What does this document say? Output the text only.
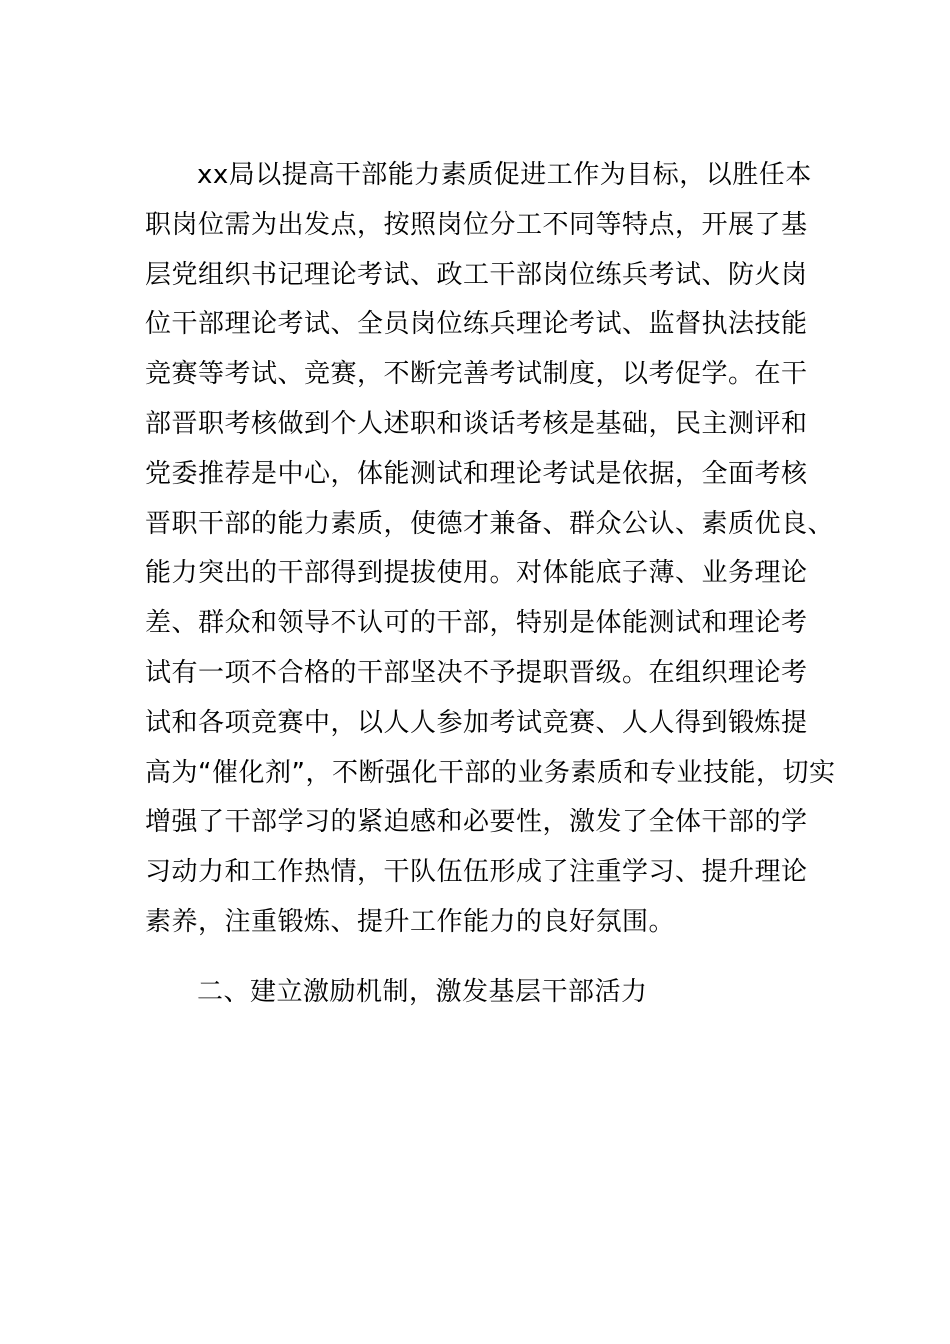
xx局以提高干部能力素质促进工作为目标，以胜任本
职岗位需为出发点，按照岗位分工不同等特点，开展了基
层党组织书记理论考试、政工干部岗位练兵考试、防火岗
位干部理论考试、全员岗位练兵理论考试、监督执法技能
竞赛等考试、竞赛，不断完善考试制度，以考促学。在干
部晋职考核做到个人述职和谈话考核是基础，民主测评和
党委推荐是中心，体能测试和理论考试是依据，全面考核
晋职干部的能力素质，使德才兼备、群众公认、素质优良、
能力突出的干部得到提拔使用。对体能底子薄、业务理论
差、群众和领导不认可的干部，特别是体能测试和理论考
试有一项不合格的干部坚决不予提职晋级。在组织理论考
试和各项竞赛中，以人人参加考试竞赛、人人得到锻炼提
高为“催化剂”，不断强化干部的业务素质和专业技能，切实
增强了干部学习的紧迫感和必要性，激发了全体干部的学
习动力和工作热情，干队伍伍形成了注重学习、提升理论
素养，注重锻炼、提升工作能力的良好氛围。
二、建立激励机制，激发基层干部活力
